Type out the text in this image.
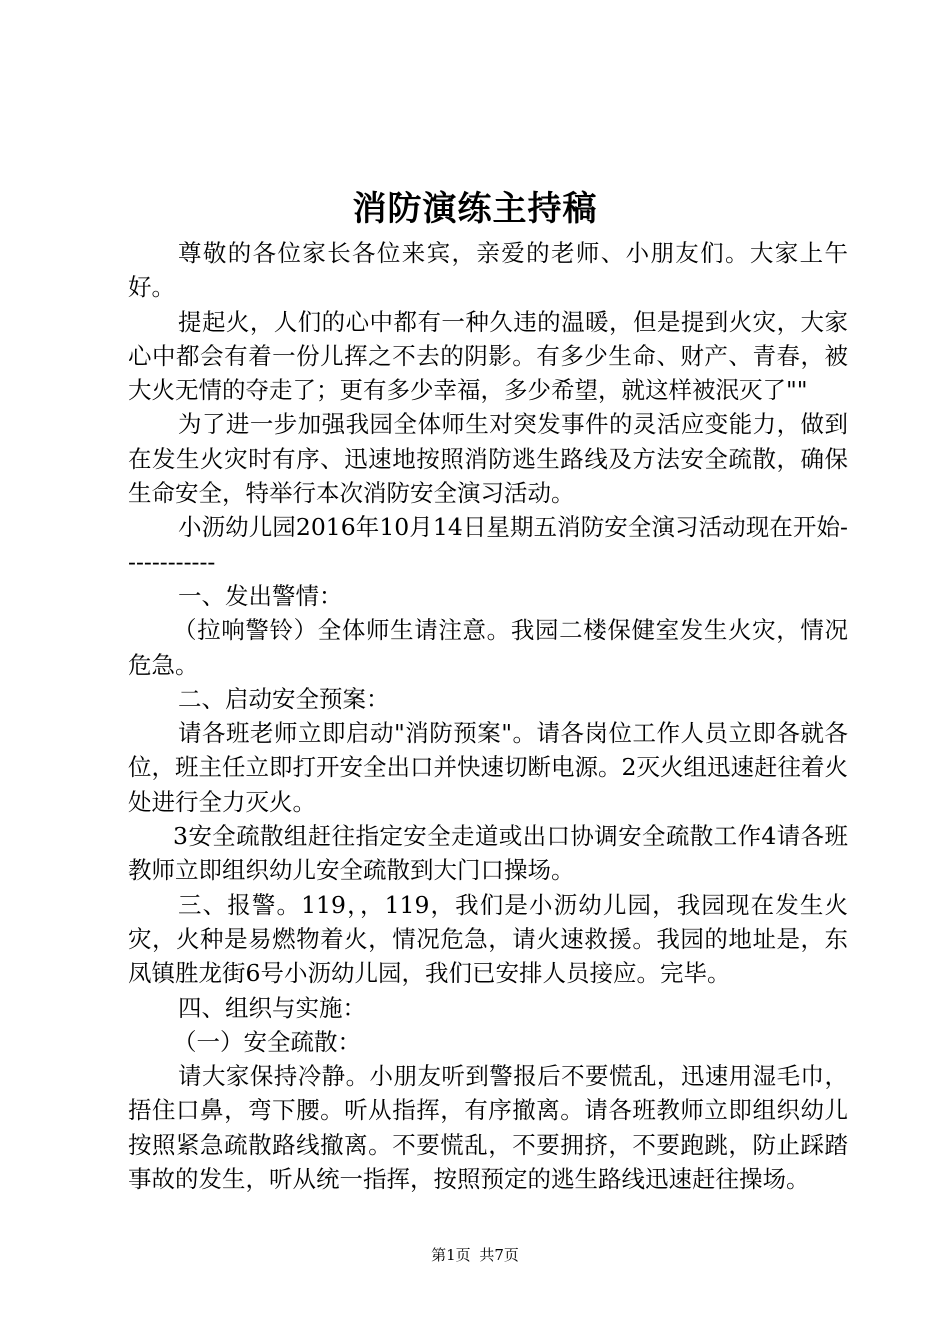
消防演练主持稿

尊敬的各位家长各位来宾，亲爱的老师、小朋友们。大家上午好。

提起火，人们的心中都有一种久违的温暖，但是提到火灾，大家心中都会有着一份儿挥之不去的阴影。有多少生命、财产、青春，被大火无情的夺走了；更有多少幸福，多少希望，就这样被泯灭了""

为了进一步加强我园全体师生对突发事件的灵活应变能力，做到在发生火灾时有序、迅速地按照消防逃生路线及方法安全疏散，确保生命安全，特举行本次消防安全演习活动。

小沥幼儿园2016年10月14日星期五消防安全演习活动现在开始------------

一、发出警情：

（拉响警铃）全体师生请注意。我园二楼保健室发生火灾，情况危急。

二、启动安全预案：

请各班老师立即启动"消防预案"。请各岗位工作人员立即各就各位，班主任立即打开安全出口并快速切断电源。2灭火组迅速赶往着火处进行全力灭火。

3安全疏散组赶往指定安全走道或出口协调安全疏散工作4请各班教师立即组织幼儿安全疏散到大门口操场。

三、报警。119，，119，我们是小沥幼儿园，我园现在发生火灾，火种是易燃物着火，情况危急，请火速救援。我园的地址是，东凤镇胜龙街6号小沥幼儿园，我们已安排人员接应。完毕。

四、组织与实施：

（一）安全疏散：

请大家保持冷静。小朋友听到警报后不要慌乱，迅速用湿毛巾，捂住口鼻，弯下腰。听从指挥，有序撤离。请各班教师立即组织幼儿按照紧急疏散路线撤离。不要慌乱，不要拥挤，不要跑跳，防止踩踏事故的发生，听从统一指挥，按照预定的逃生路线迅速赶往操场。

第1页 共7页
